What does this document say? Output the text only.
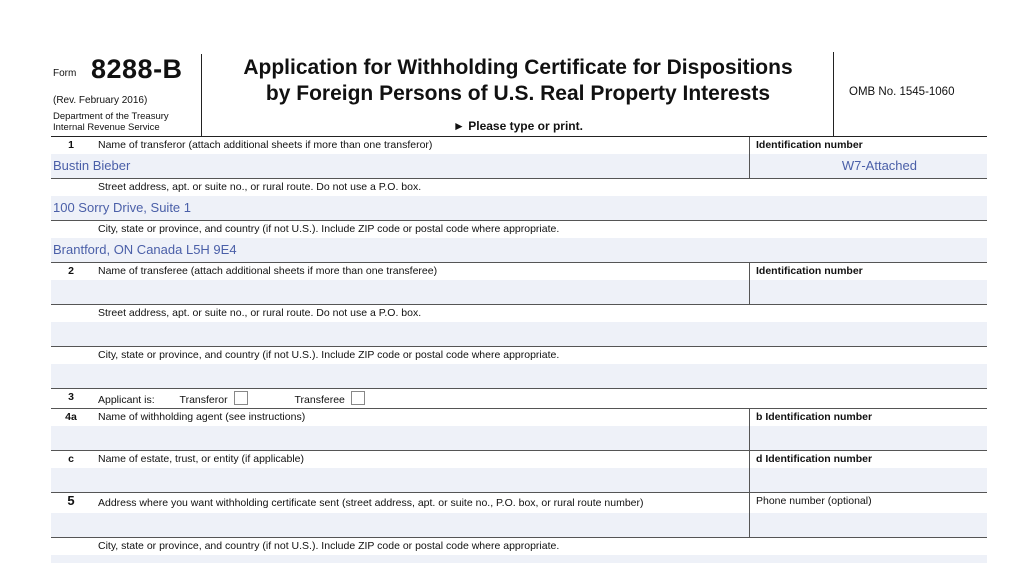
Form 8288-B
(Rev. February 2016)
Department of the Treasury
Internal Revenue Service
Application for Withholding Certificate for Dispositions
by Foreign Persons of U.S. Real Property Interests
► Please type or print.
OMB No. 1545-1060
1	Name of transferor (attach additional sheets if more than one transferor)
Bustin Bieber
Identification number
W7-Attached
Street address, apt. or suite no., or rural route. Do not use a P.O. box.
100 Sorry Drive, Suite 1
City, state or province, and country (if not U.S.). Include ZIP code or postal code where appropriate.
Brantford, ON Canada L5H 9E4
2	Name of transferee (attach additional sheets if more than one transferee)	Identification number
Street address, apt. or suite no., or rural route. Do not use a P.O. box.
City, state or province, and country (if not U.S.). Include ZIP code or postal code where appropriate.
3	Applicant is: Transferor	Transferee
4a	Name of withholding agent (see instructions)	b Identification number
c	Name of estate, trust, or entity (if applicable)	d Identification number
5	Address where you want withholding certificate sent (street address, apt. or suite no., P.O. box, or rural route number)	Phone number (optional)
City, state or province, and country (if not U.S.). Include ZIP code or postal code where appropriate.
